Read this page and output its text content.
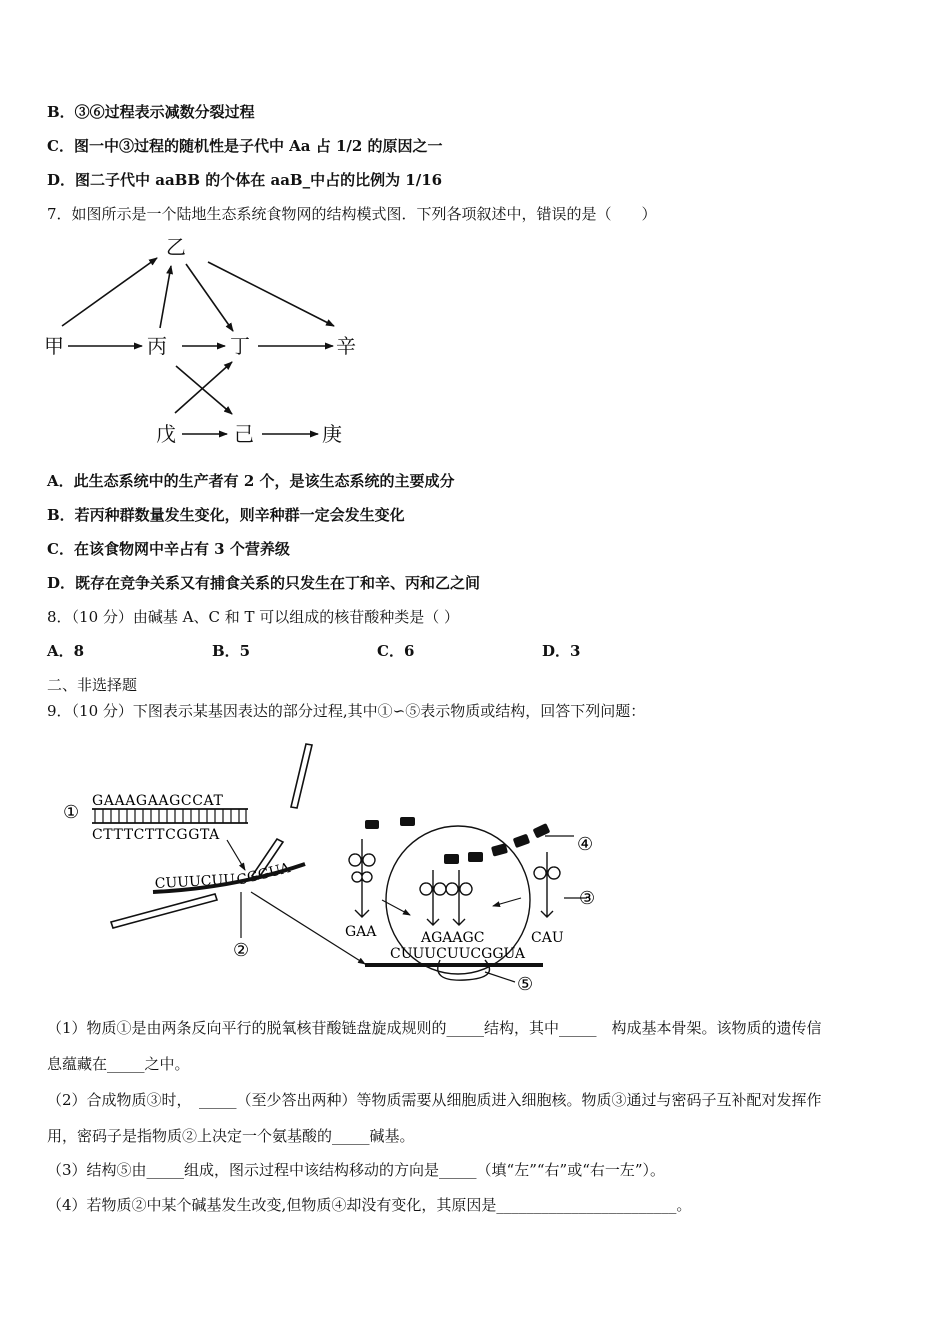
B．③⑥过程表示减数分裂过程
C．图一中③过程的随机性是子代中 Aa 占 1/2 的原因之一
D．图二子代中 aaBB 的个体在 aaB_中占的比例为 1/16
7．如图所示是一个陆地生态系统食物网的结构模式图．下列各项叙述中，错误的是（　　）
乙
甲	丙	丁	辛
戊	己	庚
A．此生态系统中的生产者有 2 个，是该生态系统的主要成分
B．若丙种群数量发生变化，则辛种群一定会发生变化
C．在该食物网中辛占有 3 个营养级
D．既存在竞争关系又有捕食关系的只发生在丁和辛、丙和乙之间
8．（10 分）由碱基 A、C 和 T 可以组成的核苷酸种类是（ ）
A．8	B．5	C．6	D．3
二、非选择题
9．（10 分）下图表示某基因表达的部分过程,其中①∽⑤表示物质或结构，回答下列问题：
①
GAAAGAAGCCAT
CTTTCTTCGGTA
CUUUCUU CGGUA
②
⑤
④
GAA	AGAAGC	CAU
③
CUUUCUUCGGUA
（1）物质①是由两条反向平行的脱氧核苷酸链盘旋成规则的_____结构，其中_____　构成基本骨架。该物质的遗传信
息蕴藏在_____之中。
（2）合成物质③时，　_____（至少答出两种）等物质需要从细胞质进入细胞核。物质③通过与密码子互补配对发挥作
用，密码子是指物质②上决定一个氨基酸的_____碱基。
（3）结构⑤由_____组成，图示过程中该结构移动的方向是_____（填“左”“右”或“右一左”）。
（4）若物质②中某个碱基发生改变,但物质④却没有变化，其原因是________________________。
